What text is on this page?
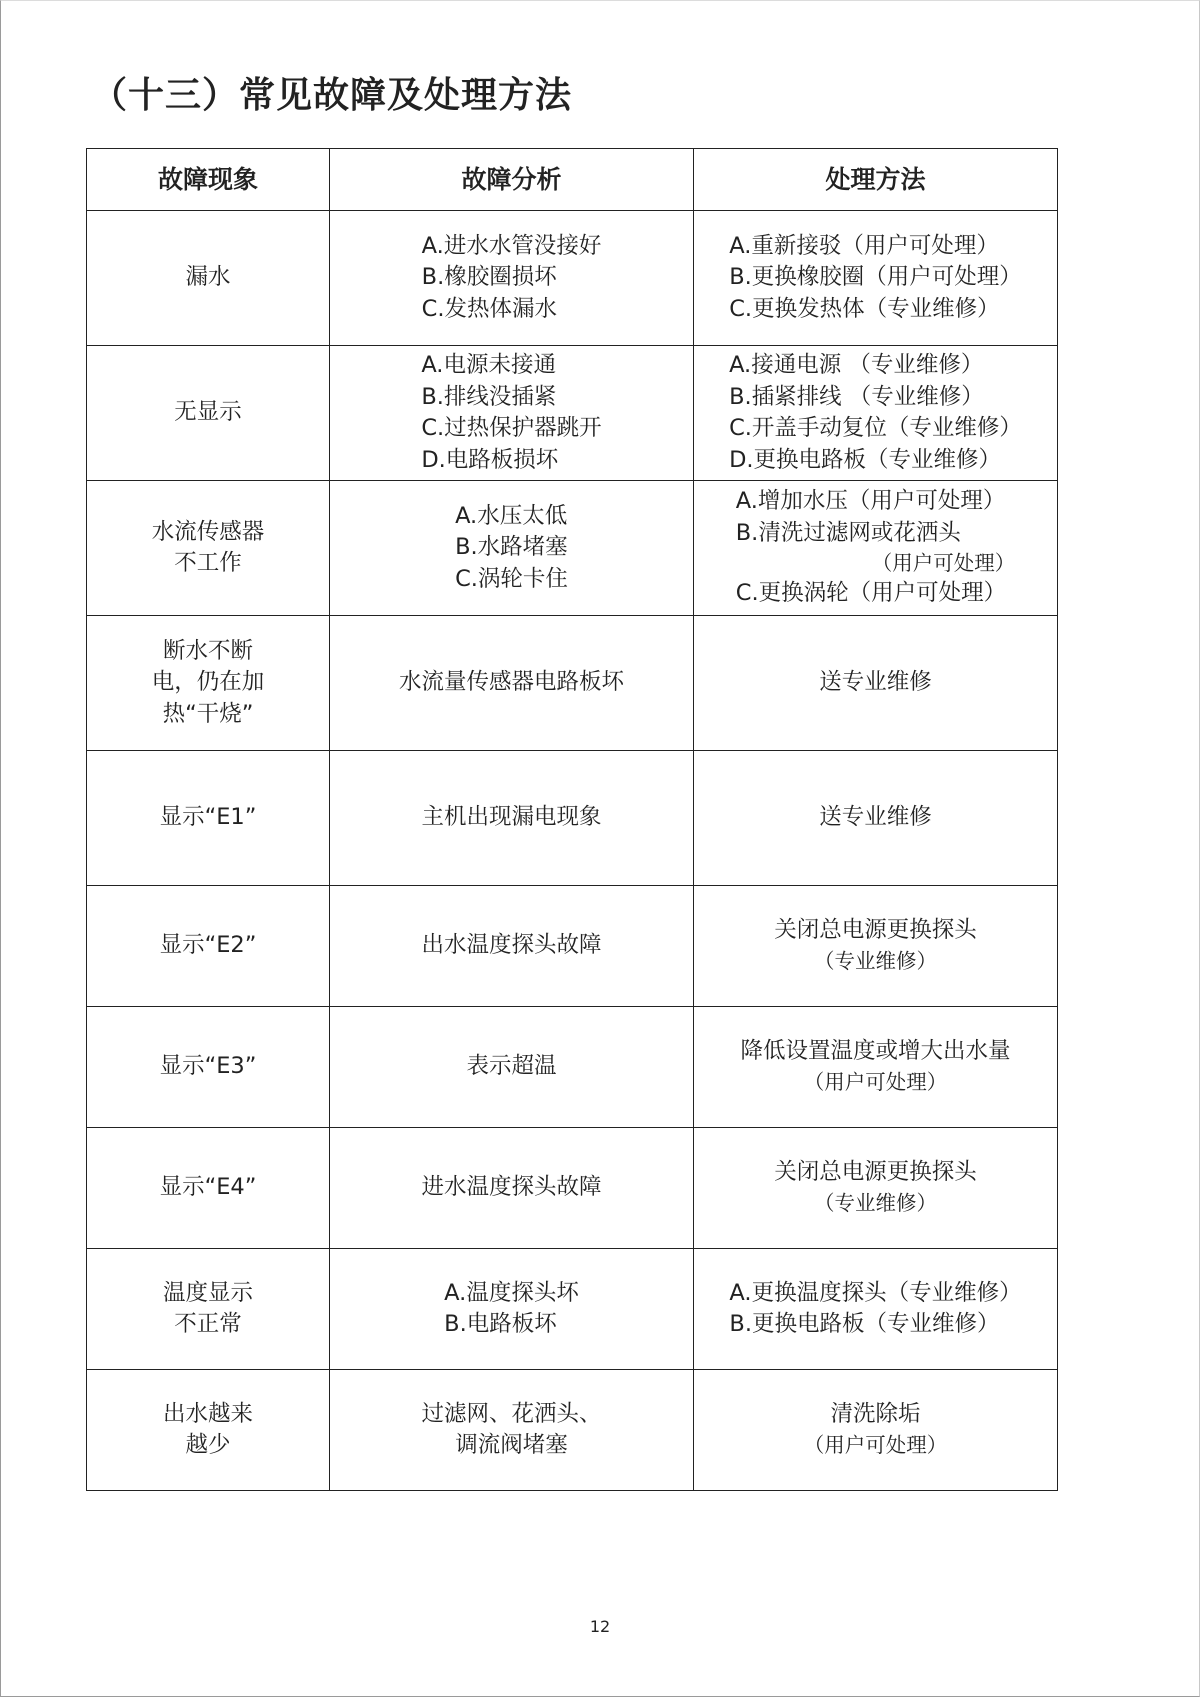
（十三）常见故障及处理方法
故障现象	故障分析	处理方法

漏水	A.进水水管没接好
B.橡胶圈损坏
C.发热体漏水	A.重新接驳（用户可处理）
B.更换橡胶圈（用户可处理）
C.更换发热体（专业维修）

无显示	A.电源未接通
B.排线没插紧
C.过热保护器跳开
D.电路板损坏	A.接通电源 （专业维修）
B.插紧排线 （专业维修）
C.开盖手动复位（专业维修）
D.更换电路板（专业维修）

水流传感器
不工作	A.水压太低
B.水路堵塞
C.涡轮卡住	A.增加水压（用户可处理）
B.清洗过滤网或花洒头
（用户可处理）
C.更换涡轮（用户可处理）

断水不断
电，仍在加
热“干烧”	水流量传感器电路板坏	送专业维修

显示“E1”	主机出现漏电现象	送专业维修

显示“E2”	出水温度探头故障	关闭总电源更换探头
（专业维修）

显示“E3”	表示超温	降低设置温度或增大出水量
（用户可处理）

显示“E4”	进水温度探头故障	关闭总电源更换探头
（专业维修）

温度显示
不正常	A.温度探头坏
B.电路板坏	A.更换温度探头（专业维修）
B.更换电路板（专业维修）

出水越来
越少	过滤网、花洒头、
调流阀堵塞	清洗除垢
（用户可处理）
12
